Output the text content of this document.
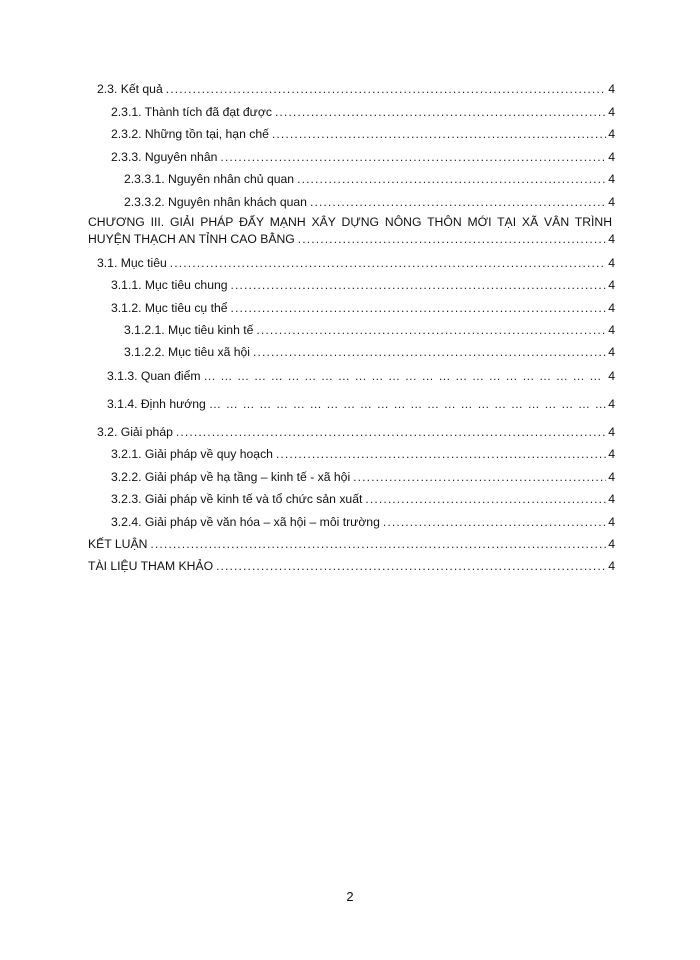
2.3. Kết quả .....	4
2.3.1. Thành tích đã đạt được .....	4
2.3.2. Những tồn tại, hạn chế .....	4
2.3.3. Nguyên nhân .....	4
2.3.3.1. Nguyên nhân chủ quan .....	4
2.3.3.2. Nguyên nhân khách quan .....	4
CHƯƠNG III. GIẢI PHÁP ĐẨY MẠNH XÂY DỰNG NÔNG THÔN MỚI TẠI XÃ VÂN TRÌNH
HUYỆN THẠCH AN TỈNH CAO BẰNG .....	4
3.1. Mục tiêu .....	4
3.1.1. Mục tiêu chung .....	4
3.1.2. Mục tiêu cụ thể .....	4
3.1.2.1. Mục tiêu kinh tế .....	4
3.1.2.2. Mục tiêu xã hội .....	4
3.1.3. Quan điểm … … … … … … … … … … … … … … … … … … … … … … … … … … … … … … … … … … … … … … … … … … … … … … … … … … … … … … … … … … … … … … … … … … … … …	4
3.1.4. Định hướng … … … … … … … … … … … … … … … … … … … … … … … … … … … … … … … … … … … … … … … … … … … … … … … … … … … … … … … … … … … … … … … … … … … … …	4
3.2. Giải pháp .....	4
3.2.1. Giải pháp về quy hoạch .....	4
3.2.2. Giải pháp về hạ tầng – kinh tế - xã hội .....	4
3.2.3. Giải pháp về kinh tế và tổ chức sản xuất .....	4
3.2.4. Giải pháp về văn hóa – xã hội – môi trường .....	4
KẾT LUẬN .....	4
TÀI LIỆU THAM KHẢO .....	4
2
